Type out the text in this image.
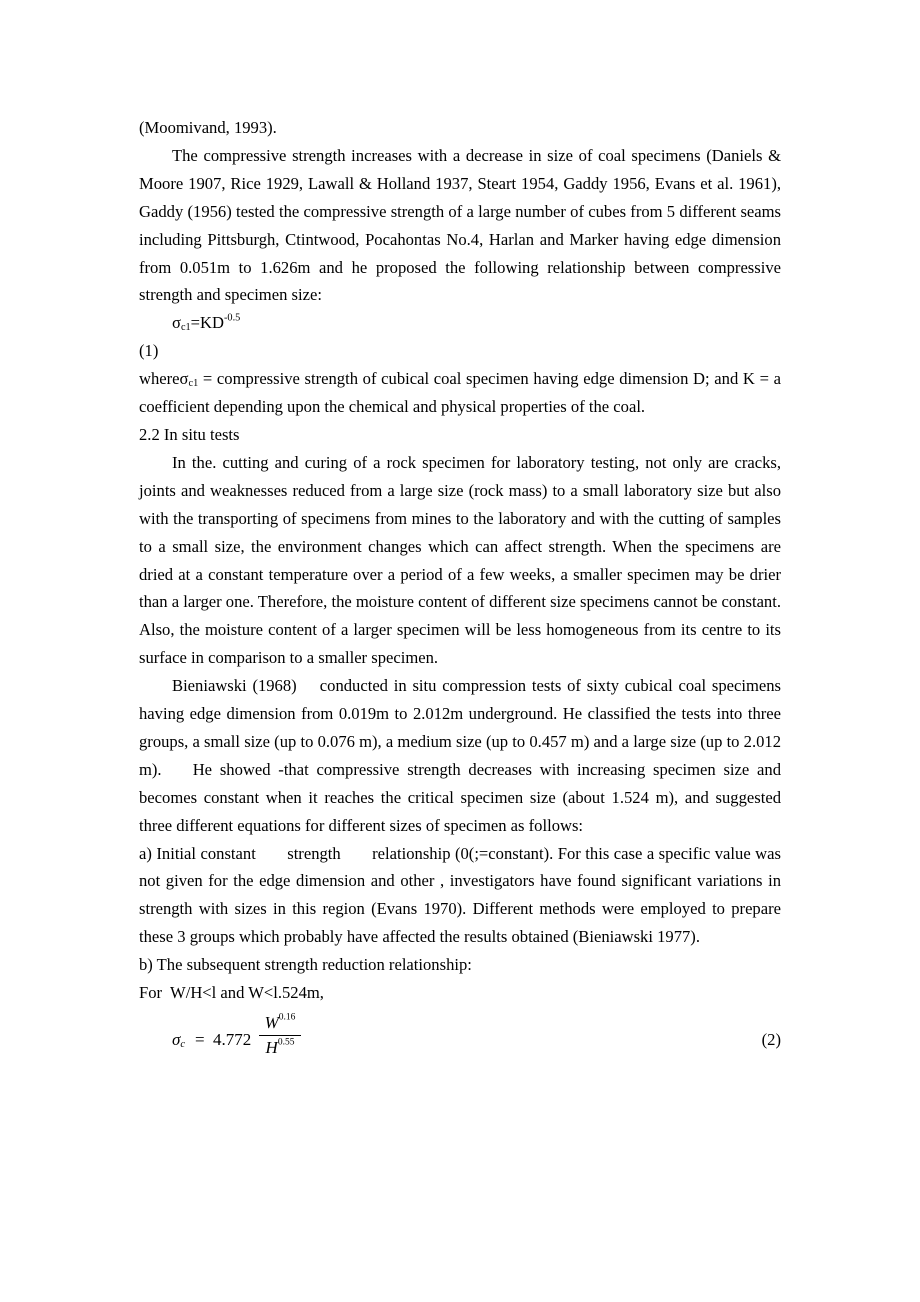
(Moomivand, 1993).

The compressive strength increases with a decrease in size of coal specimens (Daniels & Moore 1907, Rice 1929, Lawall & Holland 1937, Steart 1954, Gaddy 1956, Evans et al. 1961), Gaddy (1956) tested the compressive strength of a large number of cubes from 5 different seams including Pittsburgh, Ctintwood, Pocahontas No.4, Harlan and Marker having edge dimension from 0.051m to 1.626m and he proposed the following relationship between compressive strength and specimen size:

$\sigma_{c1}=KD^{-0.5}$

(1)

whereσ$_{c1}$ = compressive strength of cubical coal specimen having edge dimension D; and K = a coefficient depending upon the chemical and physical properties of the coal.

2.2 In situ tests

In the. cutting and curing of a rock specimen for laboratory testing, not only are cracks, joints and weaknesses reduced from a large size (rock mass) to a small laboratory size but also with the transporting of specimens from mines to the laboratory and with the cutting of samples to a small size, the environment changes which can affect strength. When the specimens are dried at a constant temperature over a period of a few weeks, a smaller specimen may be drier than a larger one. Therefore, the moisture content of different size specimens cannot be constant. Also, the moisture content of a larger specimen will be less homogeneous from its centre to its surface in comparison to a smaller specimen.

Bieniawski (1968)    conducted in situ compression tests of sixty cubical coal specimens having edge dimension from 0.019m to 2.012m underground. He classified the tests into three groups, a small size (up to 0.076 m), a medium size (up to 0.457 m) and a large size (up to 2.012 m).    He showed -that compressive strength decreases with increasing specimen size and becomes constant when it reaches the critical specimen size (about 1.524 m), and suggested three different equations for different sizes of specimen as follows:

a) Initial constant       strength       relationship (0(;=constant). For this case a specific value was not given for the edge dimension and other , investigators have found significant variations in strength with sizes in this region (Evans 1970). Different methods were employed to prepare these 3 groups which probably have affected the results obtained (Bieniawski 1977).

b) The subsequent strength reduction relationship:

For  W/H<l and W<l.524m,

$\sigma_c = 4.772$
$W^{0.16}$
$H^{0.55}$	(2)
